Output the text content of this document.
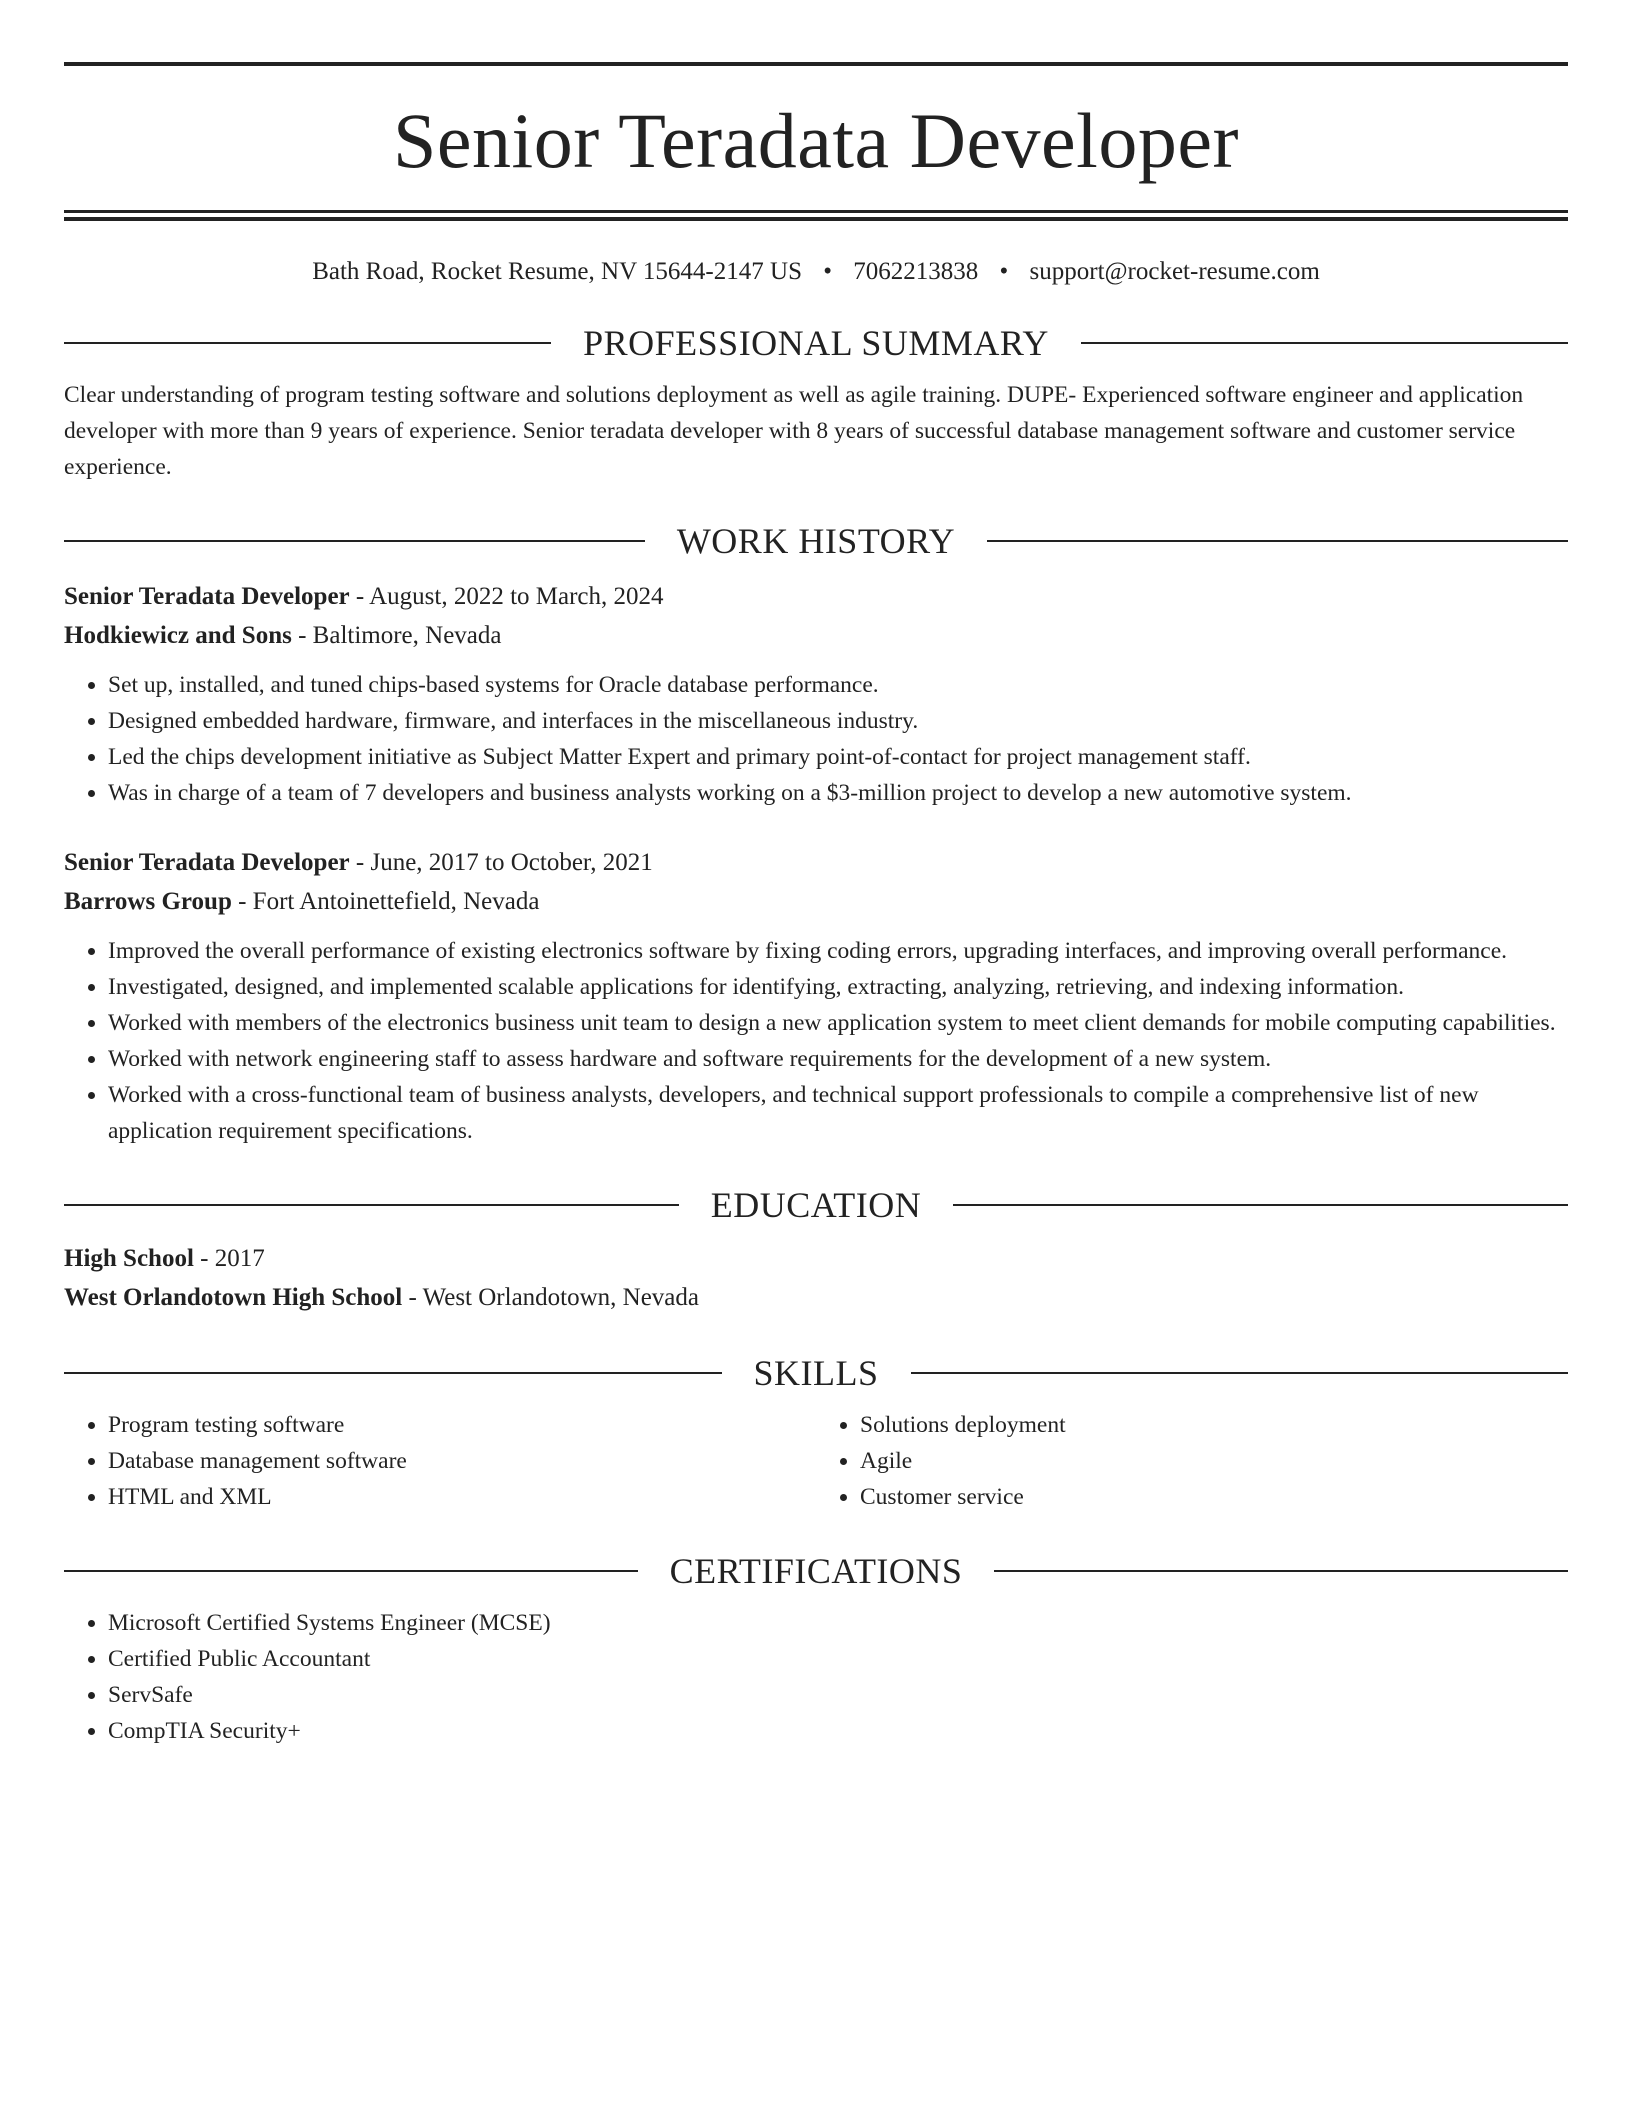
Senior Teradata Developer
Bath Road, Rocket Resume, NV 15644-2147 US • 7062213838 • support@rocket-resume.com
PROFESSIONAL SUMMARY

Clear understanding of program testing software and solutions deployment as well as agile training. DUPE- Experienced software engineer and application developer with more than 9 years of experience. Senior teradata developer with 8 years of successful database management software and customer service experience.

WORK HISTORY
Senior Teradata Developer - August, 2022 to March, 2024
Hodkiewicz and Sons - Baltimore, Nevada
• Set up, installed, and tuned chips-based systems for Oracle database performance.
• Designed embedded hardware, firmware, and interfaces in the miscellaneous industry.
• Led the chips development initiative as Subject Matter Expert and primary point-of-contact for project management staff.
• Was in charge of a team of 7 developers and business analysts working on a $3-million project to develop a new automotive system.
Senior Teradata Developer - June, 2017 to October, 2021
Barrows Group - Fort Antoinettefield, Nevada
• Improved the overall performance of existing electronics software by fixing coding errors, upgrading interfaces, and improving overall performance.
• Investigated, designed, and implemented scalable applications for identifying, extracting, analyzing, retrieving, and indexing information.
• Worked with members of the electronics business unit team to design a new application system to meet client demands for mobile computing capabilities.
• Worked with network engineering staff to assess hardware and software requirements for the development of a new system.
• Worked with a cross-functional team of business analysts, developers, and technical support professionals to compile a comprehensive list of new application requirement specifications.
EDUCATION
High School - 2017
West Orlandotown High School - West Orlandotown, Nevada
SKILLS
• Program testing software
• Database management software
• HTML and XML
• Solutions deployment
• Agile
• Customer service
CERTIFICATIONS
• Microsoft Certified Systems Engineer (MCSE)
• Certified Public Accountant
• ServSafe
• CompTIA Security+
